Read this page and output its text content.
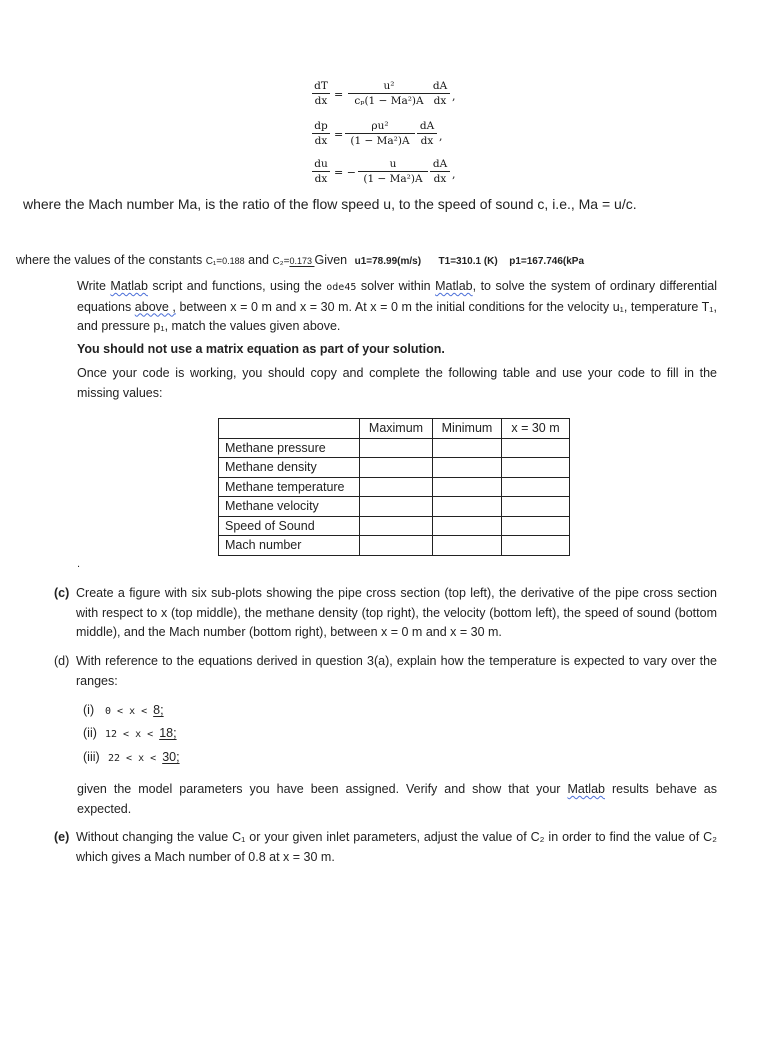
$\frac{dT}{dx} = \frac{\text{u²}}{\text{cₚ(1 − Ma²)A}} \frac{dA}{dx}$ ,
$\frac{dp}{dx} = \frac{\text{ρu²}}{\text{(1 − Ma²)A}} \frac{dA}{dx}$ ,
$\frac{du}{dx}$ = − $\frac{u}{\text{(1 − Ma²)A}} \frac{dA}{dx}$ ,
where the Mach number Ma, is the ratio of the flow speed u, to the speed of sound c, i.e., Ma = u/c.
where the values of the constants C₁=0.188 and C₂=0.173 Given u1=78.99(m/s) T1=310.1 (K) p1=167.746(kPa
Write Matlab script and functions, using the ode45 solver within Matlab, to solve the system of ordinary differential equations above , between x = 0 m and x = 30 m. At x = 0 m the initial conditions for the velocity u₁, temperature T₁, and pressure p₁, match the values given above.
You should not use a matrix equation as part of your solution.
Once your code is working, you should copy and complete the following table and use your code to fill in the missing values:
	Maximum	Minimum	x = 30 m
Methane pressure			
Methane density			
Methane temperature			
Methane velocity			
Speed of Sound			
Mach number			
.
(c) Create a figure with six sub-plots showing the pipe cross section (top left), the derivative of the pipe cross section with respect to x (top middle), the methane density (top right), the velocity (bottom left), the speed of sound (bottom middle), and the Mach number (bottom right), between x = 0 m and x = 30 m.
(d) With reference to the equations derived in question 3(a), explain how the temperature is expected to vary over the ranges:
(i) 0 < x < 8;
(ii) 12 < x < 18;
(iii) 22 < x < 30;
given the model parameters you have been assigned. Verify and show that your Matlab results behave as expected.
(e) Without changing the value C₁ or your given inlet parameters, adjust the value of C₂ in order to find the value of C₂ which gives a Mach number of 0.8 at x = 30 m.
